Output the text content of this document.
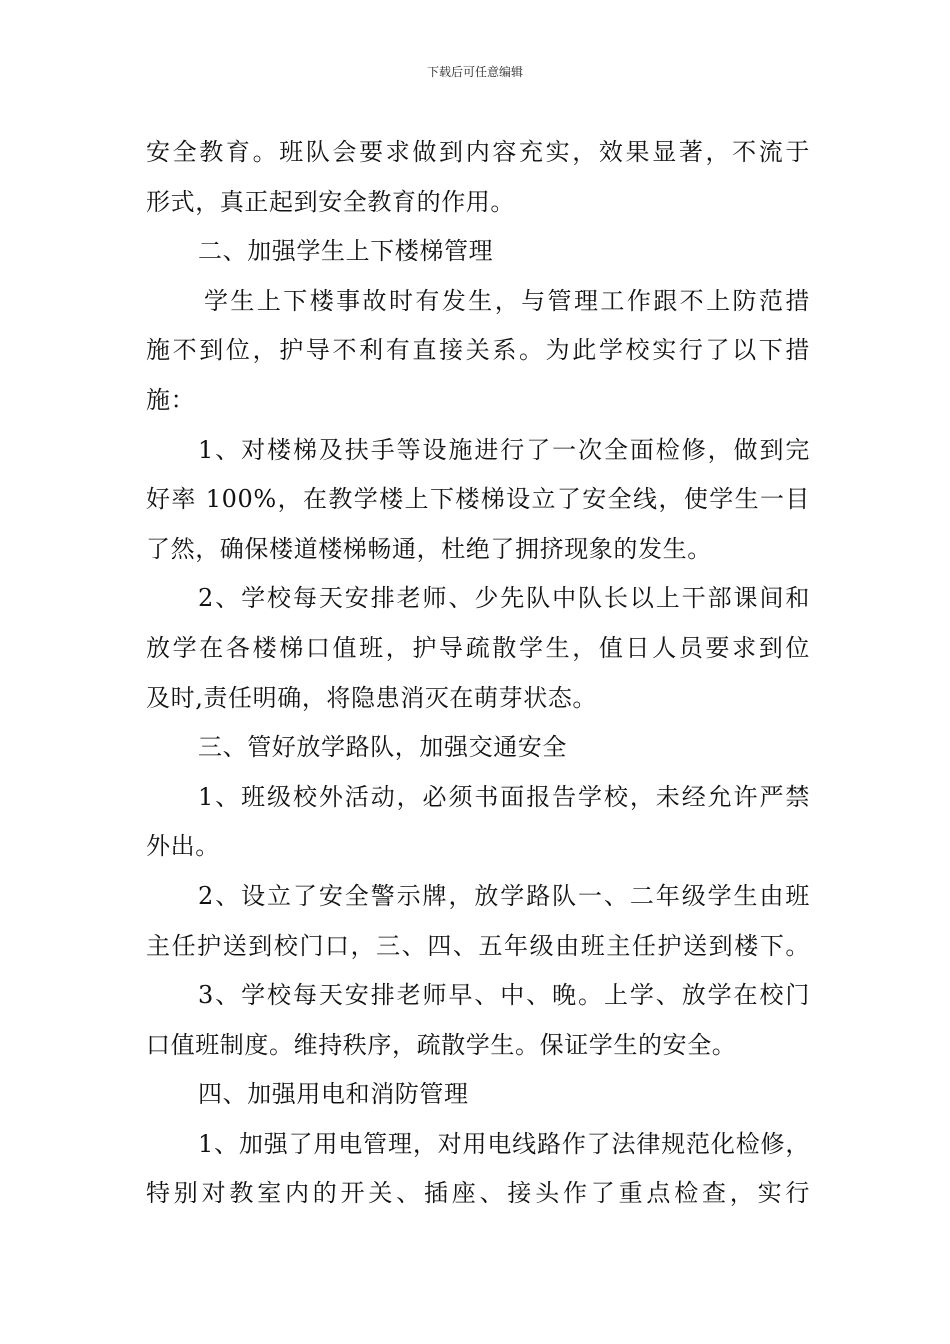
下载后可任意编辑
安全教育。班队会要求做到内容充实，效果显著，不流于
形式，真正起到安全教育的作用。
二、加强学生上下楼梯管理
学生上下楼事故时有发生，与管理工作跟不上防范措
施不到位，护导不利有直接关系。为此学校实行了以下措
施：
1、对楼梯及扶手等设施进行了一次全面检修，做到完
好率 100%，在教学楼上下楼梯设立了安全线，使学生一目
了然，确保楼道楼梯畅通，杜绝了拥挤现象的发生。
2、学校每天安排老师、少先队中队长以上干部课间和
放学在各楼梯口值班，护导疏散学生，值日人员要求到位
及时,责任明确，将隐患消灭在萌芽状态。
三、管好放学路队，加强交通安全
1、班级校外活动，必须书面报告学校，未经允许严禁
外出。
2、设立了安全警示牌，放学路队一、二年级学生由班
主任护送到校门口，三、四、五年级由班主任护送到楼下。
3、学校每天安排老师早、中、晚。上学、放学在校门
口值班制度。维持秩序，疏散学生。保证学生的安全。
四、加强用电和消防管理
1、加强了用电管理，对用电线路作了法律规范化检修，
特别对教室内的开关、插座、接头作了重点检查，实行
